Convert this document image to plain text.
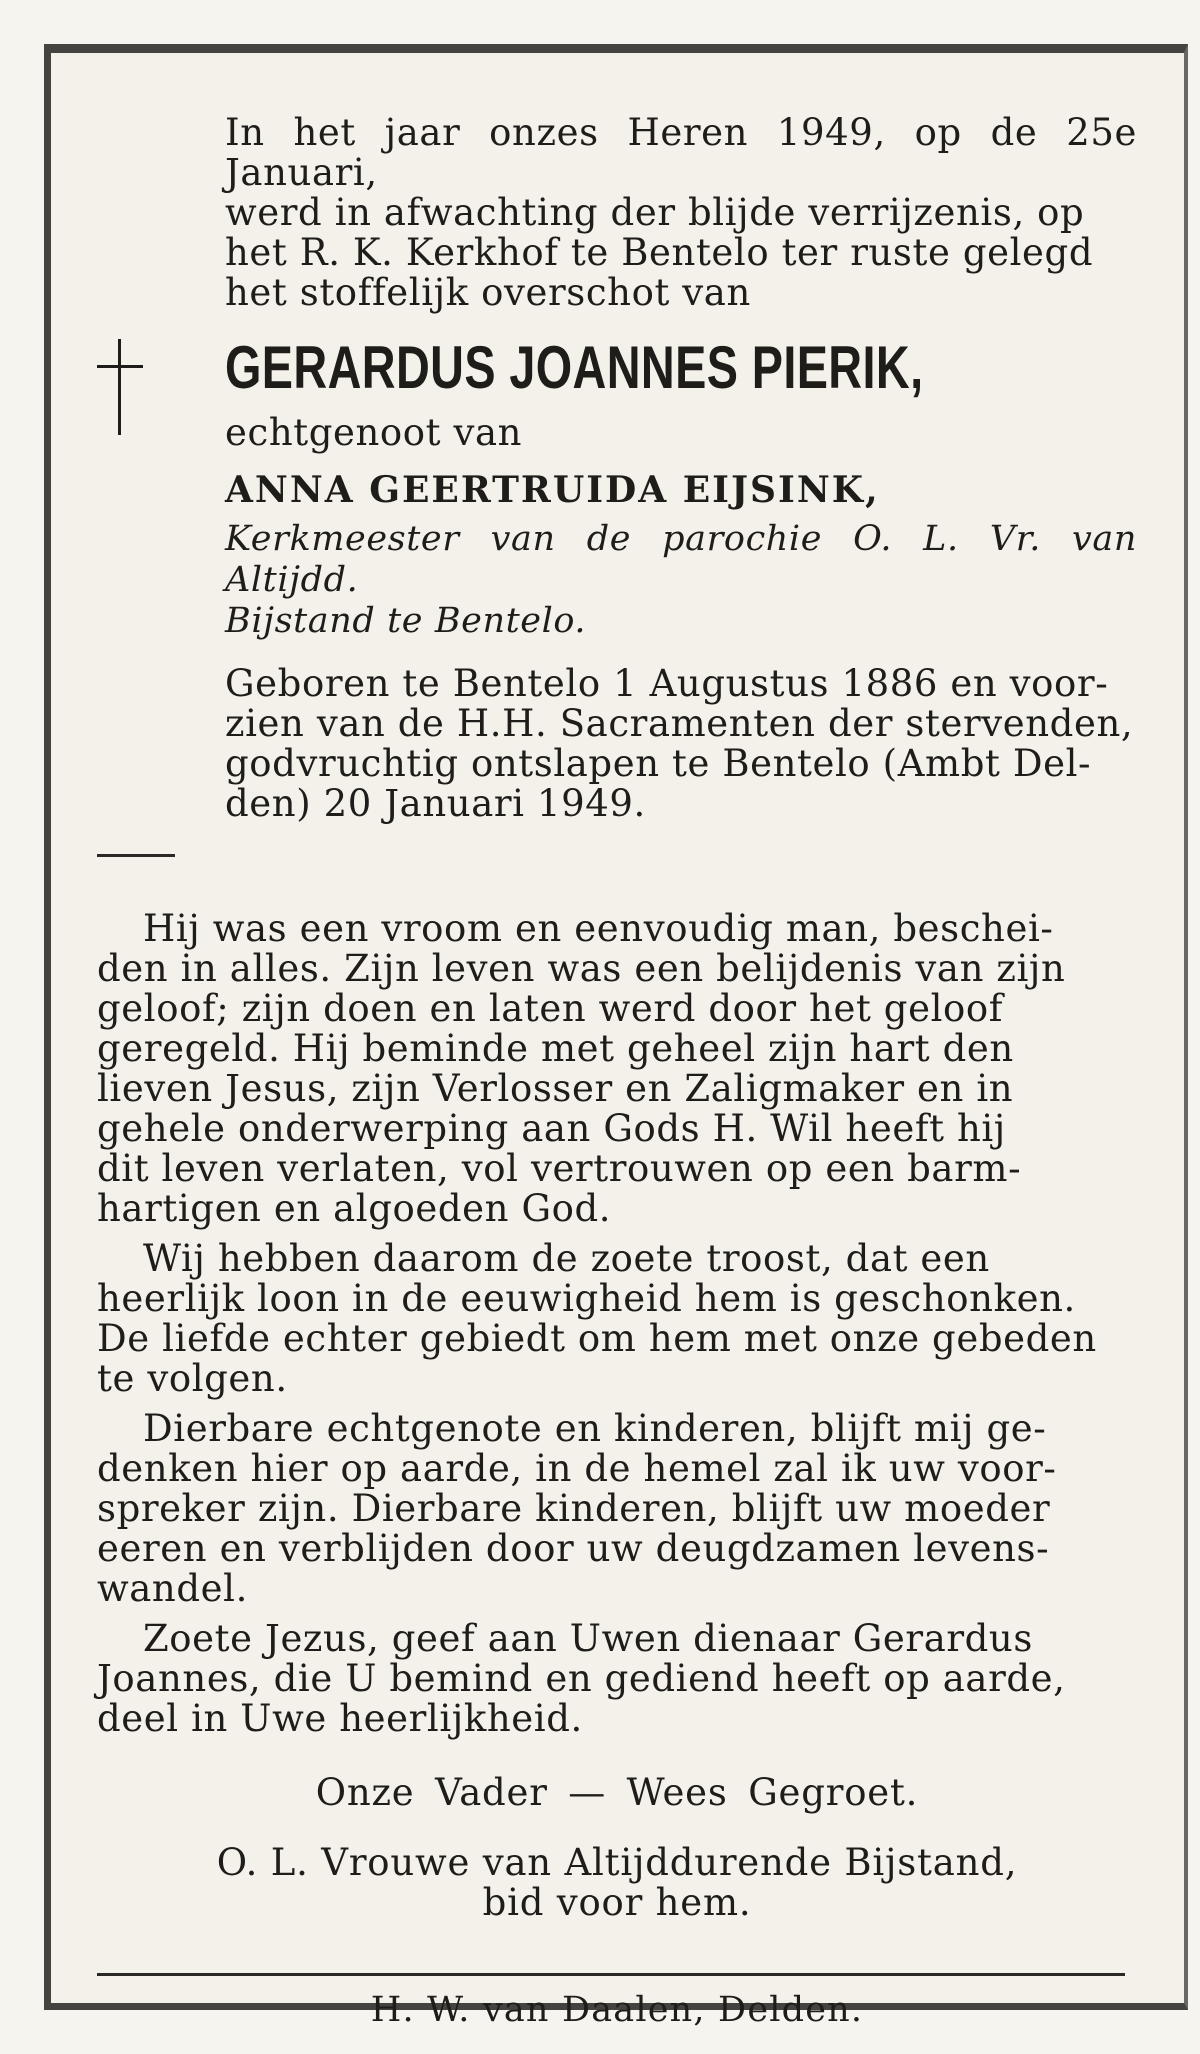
In het jaar onzes Heren 1949, op de 25e Januari,

werd in afwachting der blijde verrijzenis, op

het R. K. Kerkhof te Bentelo ter ruste gelegd

het stoffelijk overschot van

GERARDUS JOANNES PIERIK,

echtgenoot van

ANNA GEERTRUIDA EIJSINK,

Kerkmeester van de parochie O. L. Vr. van Altijdd.

Bijstand te Bentelo.

Geboren te Bentelo 1 Augustus 1886 en voor-

zien van de H.H. Sacramenten der stervenden,

godvruchtig ontslapen te Bentelo (Ambt Del-

den) 20 Januari 1949.

Hij was een vroom en eenvoudig man, beschei-

den in alles. Zijn leven was een belijdenis van zijn

geloof; zijn doen en laten werd door het geloof

geregeld. Hij beminde met geheel zijn hart den

lieven Jesus, zijn Verlosser en Zaligmaker en in

gehele onderwerping aan Gods H. Wil heeft hij

dit leven verlaten, vol vertrouwen op een barm-

hartigen en algoeden God.

Wij hebben daarom de zoete troost, dat een

heerlijk loon in de eeuwigheid hem is geschonken.

De liefde echter gebiedt om hem met onze gebeden

te volgen.

Dierbare echtgenote en kinderen, blijft mij ge-

denken hier op aarde, in de hemel zal ik uw voor-

spreker zijn. Dierbare kinderen, blijft uw moeder

eeren en verblijden door uw deugdzamen levens-

wandel.

Zoete Jezus, geef aan Uwen dienaar Gerardus

Joannes, die U bemind en gediend heeft op aarde,

deel in Uwe heerlijkheid.

Onze Vader — Wees Gegroet.
O. L. Vrouwe van Altijddurende Bijstand,
bid voor hem.
H. W. van Daalen, Delden.
